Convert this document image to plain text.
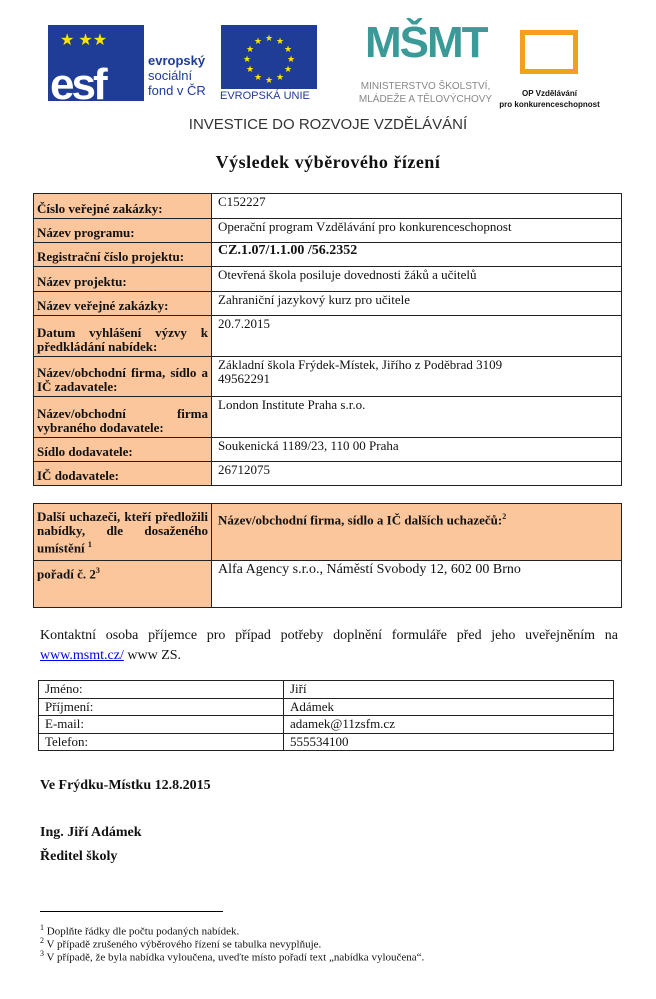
★ ★★
esf	evropský
sociální
fond v ČR
★ ★
★
★
★
★
★
★
★
★
★
★
EVROPSKÁ UNIE
MŠMT
MINISTERSTVO ŠKOLSTVÍ,
MLÁDEŽE A TĚLOVÝCHOVY
OP Vzdělávání
pro konkurenceschopnost
INVESTICE DO ROZVOJE VZDĚLÁVÁNÍ
Výsledek výběrového řízení
Číslo veřejné zakázky:	C152227
Název programu:	Operační program Vzdělávání pro konkurenceschopnost
Registrační číslo projektu:	CZ.1.07/1.1.00 /56.2352
Název projektu:	Otevřená škola posiluje dovednosti žáků a učitelů
Název veřejné zakázky:	Zahraniční jazykový kurz pro učitele
Datum vyhlášení výzvy k předkládání nabídek:	20.7.2015
Název/obchodní firma, sídlo a IČ zadavatele:	Základní škola Frýdek-Místek, Jiřího z Poděbrad 3109
49562291
Název/obchodní firma vybraného dodavatele:	London Institute Praha s.r.o.
Sídlo dodavatele:	Soukenická 1189/23, 110 00 Praha
IČ dodavatele:	26712075
Další uchazeči, kteří předložili nabídky, dle dosaženého umístění $^1$	Název/obchodní firma, sídlo a IČ dalších uchazečů:$^2$
pořadí č. $2^3$	Alfa Agency s.r.o., Náměstí Svobody 12, 602 00 Brno
Kontaktní osoba příjemce pro případ potřeby doplnění formuláře před jeho uveřejněním na www.msmt.cz/ www ZS.
Jméno:	Jiří
Příjmení:	Adámek
E-mail:	adamek@11zsfm.cz
Telefon:	555534100
Ve Frýdku-Místku 12.8.2015
Ing. Jiří Adámek
Ředitel školy
$^1$ Doplňte řádky dle počtu podaných nabídek.
$^2$ V případě zrušeného výběrového řízení se tabulka nevyplňuje.
$^3$ V případě, že byla nabídka vyloučena, uveďte místo pořadí text „nabídka vyloučena“.
